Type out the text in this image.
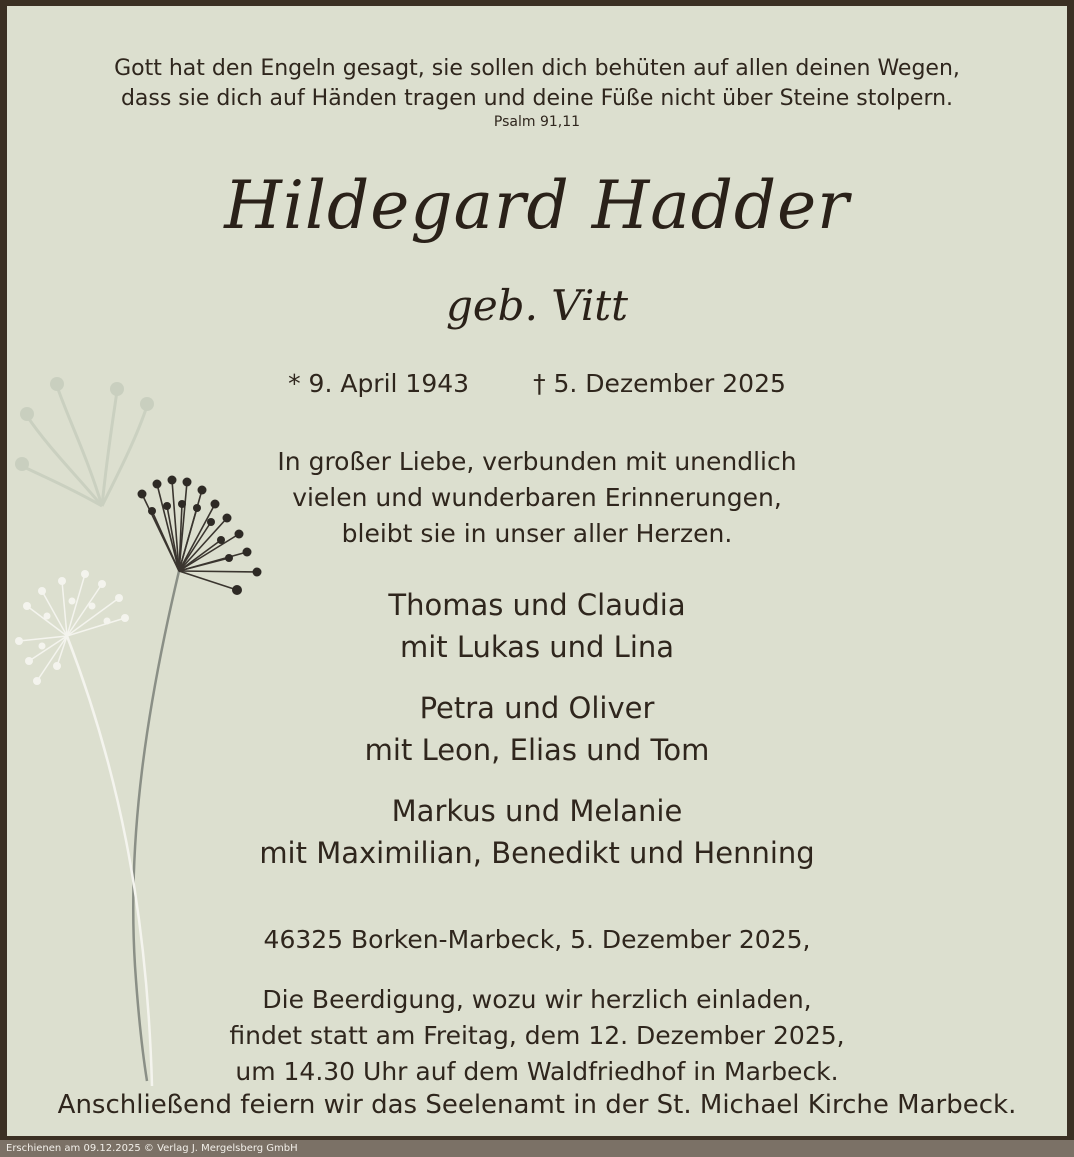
Gott hat den Engeln gesagt, sie sollen dich behüten auf allen deinen Wegen,
dass sie dich auf Händen tragen und deine Füße nicht über Steine stolpern.
Psalm 91,11
Hildegard Hadder
geb. Vitt
* 9. April 1943	† 5. Dezember 2025
In großer Liebe, verbunden mit unendlich
vielen und wunderbaren Erinnerungen,
bleibt sie in unser aller Herzen.
Thomas und Claudia
mit Lukas und Lina
Petra und Oliver
mit Leon, Elias und Tom
Markus und Melanie
mit Maximilian, Benedikt und Henning
46325 Borken-Marbeck, 5. Dezember 2025,
Die Beerdigung, wozu wir herzlich einladen,
findet statt am Freitag, dem 12. Dezember 2025,
um 14.30 Uhr auf dem Waldfriedhof in Marbeck.
Anschließend feiern wir das Seelenamt in der St. Michael Kirche Marbeck.
Erschienen am 09.12.2025 © Verlag J. Mergelsberg GmbH
